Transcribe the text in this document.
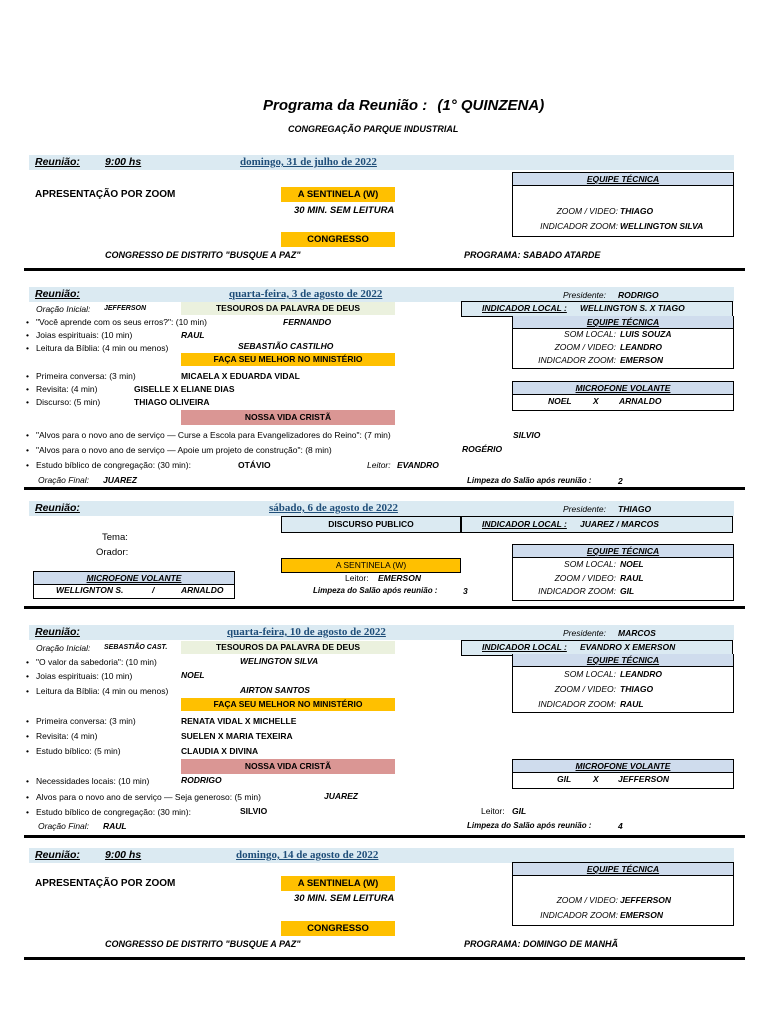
Programa da Reunião : (1° QUINZENA)
CONGREGAÇÃO PARQUE INDUSTRIAL
Reunião: 9:00 hs	domingo, 31 de julho de 2022
APRESENTAÇÃO POR ZOOM	A SENTINELA (W)
30 MIN. SEM LEITURA
CONGRESSO
CONGRESSO DE DISTRITO "BUSQUE A PAZ"	PROGRAMA: SABADO ATARDE
EQUIPE TÉCNICA
ZOOM / VIDEO: THIAGO
INDICADOR ZOOM: WELLINGTON SILVA
Reunião:	quarta-feira, 3 de agosto de 2022	Presidente: RODRIGO
Oração Inicial: JEFFERSON	TESOUROS DA PALAVRA DE DEUS	INDICADOR LOCAL : WELLINGTON S. X TIAGO
• "Você aprende com os seus erros?": (10 min)	FERNANDO
• Joias espirituais: (10 min)	RAUL
• Leitura da Bíblia: (4 min ou menos)	SEBASTIÃO CASTILHO
EQUIPE TÉCNICA
SOM LOCAL: LUIS SOUZA
ZOOM / VIDEO: LEANDRO
INDICADOR ZOOM: EMERSON
FAÇA SEU MELHOR NO MINISTÉRIO
• Primeira conversa: (3 min)	MICAELA X EDUARDA VIDAL
• Revisita: (4 min)	GISELLE X ELIANE DIAS
• Discurso: (5 min)	THIAGO OLIVEIRA
MICROFONE VOLANTE
NOEL	X ARNALDO
NOSSA VIDA CRISTÃ
• "Alvos para o novo ano de serviço — Curse a Escola para Evangelizadores do Reino": (7 min)	SILVIO
• "Alvos para o novo ano de serviço — Apoie um projeto de construção": (8 min)	ROGÉRIO
• Estudo bíblico de congregação: (30 min):	OTÁVIO	Leitor: EVANDRO
Oração Final: JUAREZ	Limpeza do Salão após reunião :	2
Reunião:	sábado, 6 de agosto de 2022	Presidente: THIAGO
DISCURSO PUBLICO	INDICADOR LOCAL : JUAREZ / MARCOS
Tema:
Orador:	EQUIPE TÉCNICA
SOM LOCAL: NOEL
ZOOM / VIDEO: RAUL
INDICADOR ZOOM: GIL
A SENTINELA (W)
MICROFONE VOLANTE
WELLIGNTON S.	/	ARNALDO
Leitor: EMERSON
Limpeza do Salão após reunião :	3
Reunião:	quarta-feira, 10 de agosto de 2022	Presidente: MARCOS
Oração Inicial: SEBASTIÃO CAST.	TESOUROS DA PALAVRA DE DEUS	INDICADOR LOCAL : EVANDRO X EMERSON
• "O valor da sabedoria": (10 min)	WELINGTON SILVA
• Joias espirituais: (10 min)	NOEL
• Leitura da Bíblia: (4 min ou menos)	AIRTON SANTOS
EQUIPE TÉCNICA
SOM LOCAL: LEANDRO
ZOOM / VIDEO: THIAGO
INDICADOR ZOOM: RAUL
FAÇA SEU MELHOR NO MINISTÉRIO
• Primeira conversa: (3 min)	RENATA VIDAL X MICHELLE
• Revisita: (4 min)	SUELEN X MARIA TEXEIRA
• Estudo bíblico: (5 min)	CLAUDIA X DIVINA
NOSSA VIDA CRISTÃ	MICROFONE VOLANTE
GIL	X JEFFERSON
• Necessidades locais: (10 min)	RODRIGO
• Alvos para o novo ano de serviço — Seja generoso: (5 min)	JUAREZ
• Estudo bíblico de congregação: (30 min):	SILVIO	Leitor: GIL
Oração Final: RAUL	Limpeza do Salão após reunião :	4
Reunião: 9:00 hs	domingo, 14 de agosto de 2022
APRESENTAÇÃO POR ZOOM	A SENTINELA (W)
30 MIN. SEM LEITURA
CONGRESSO
CONGRESSO DE DISTRITO "BUSQUE A PAZ"	PROGRAMA: DOMINGO DE MANHÃ
EQUIPE TÉCNICA
ZOOM / VIDEO: JEFFERSON
INDICADOR ZOOM: EMERSON
